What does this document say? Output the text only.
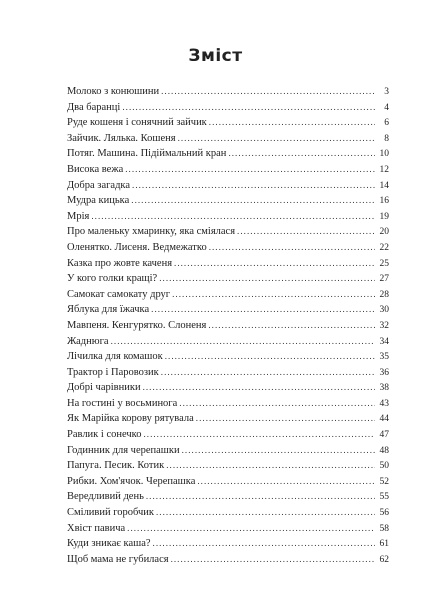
Зміст
Молоко з конюшини . . .	3
Два баранці . . .	4
Руде кошеня і сонячний зайчик . . .	6
Зайчик. Лялька. Кошеня . . .	8
Потяг. Машина. Підіймальний кран . . .	10
Висока вежа . . .	12
Добра загадка . . .	14
Мудра кицька . . .	16
Мрія . . .	19
Про маленьку хмаринку, яка сміялася . . .	20
Оленятко. Лисеня. Ведмежатко . . .	22
Казка про жовте каченя . . .	25
У кого голки кращі? . . .	27
Самокат самокату друг . . .	28
Яблука для їжачка . . .	30
Мавпеня. Кенгурятко. Слоненя . . .	32
Жаднюга . . .	34
Лічилка для комашок . . .	35
Трактор і Паровозик . . .	36
Добрі чарівники . . .	38
На гостині у восьминога . . .	43
Як Марійка корову рятувала . . .	44
Равлик і сонечко . . .	47
Годинник для черепашки . . .	48
Папуга. Песик. Котик . . .	50
Рибки. Хом'ячок. Черепашка . . .	52
Вередливий день . . .	55
Сміливий горобчик . . .	56
Хвіст павича . . .	58
Куди зникає каша? . . .	61
Щоб мама не губилася . . .	62
